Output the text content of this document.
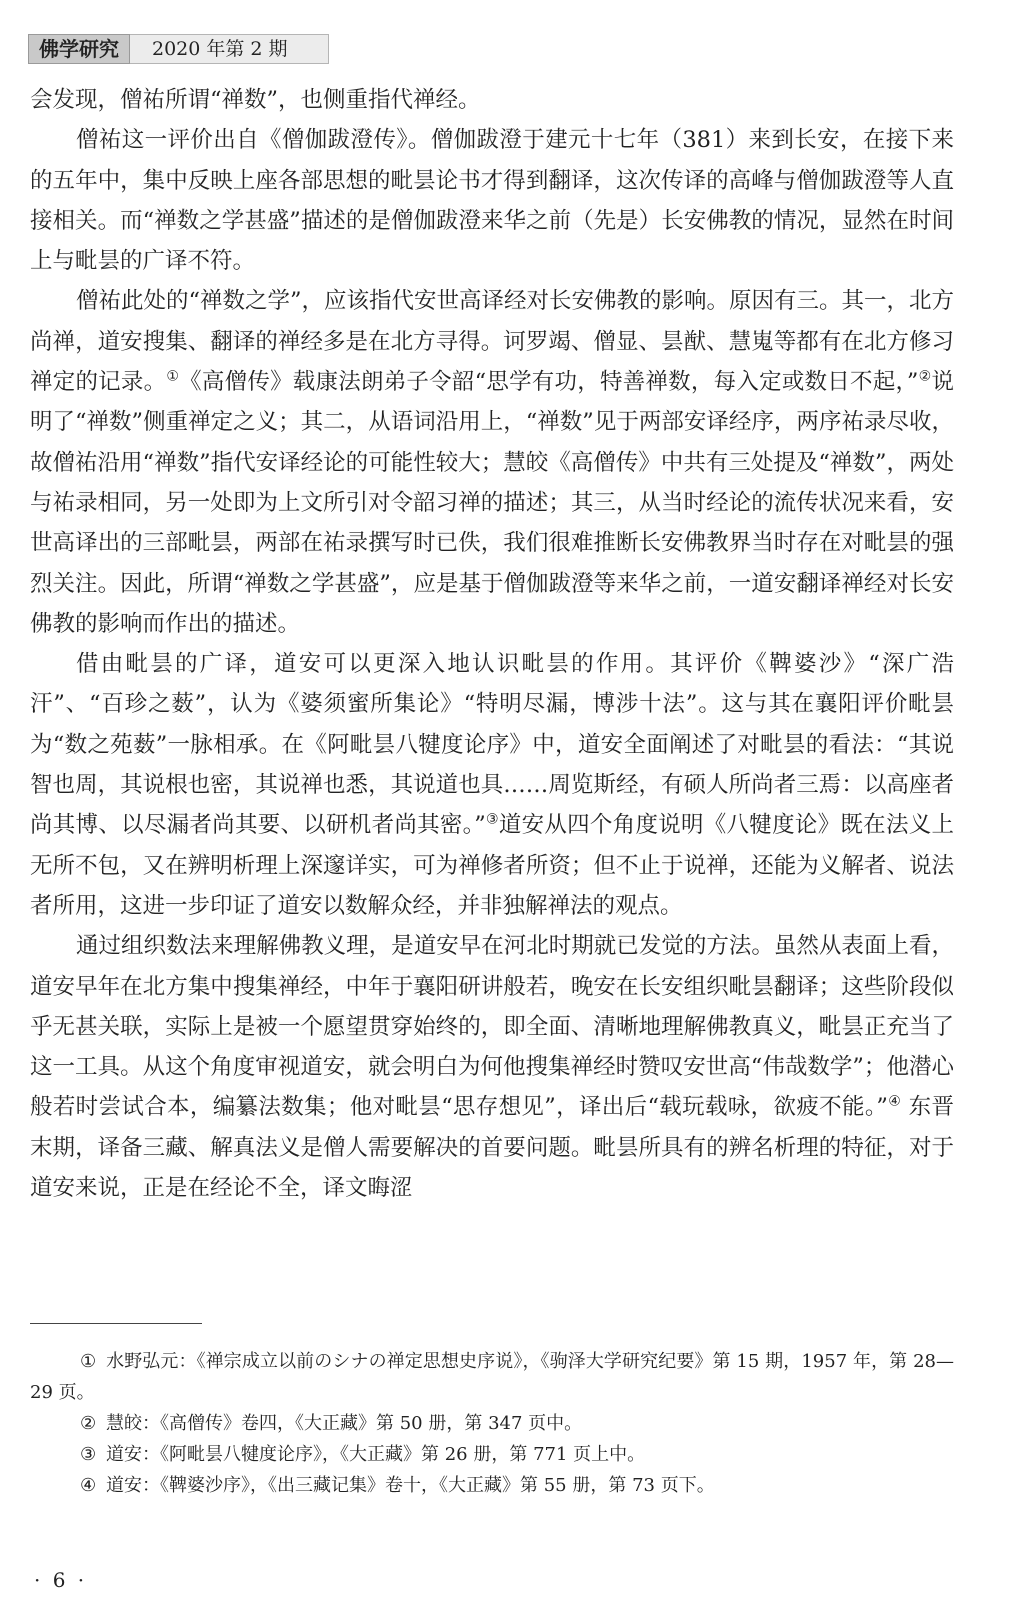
佛学研究	2020 年第 2 期

会发现，僧祐所谓“禅数”，也侧重指代禅经。

僧祐这一评价出自《僧伽跋澄传》。僧伽跋澄于建元十七年（381）来到长安，在接下来的五年中，集中反映上座各部思想的毗昙论书才得到翻译，这次传译的高峰与僧伽跋澄等人直接相关。而“禅数之学甚盛”描述的是僧伽跋澄来华之前（先是）长安佛教的情况，显然在时间上与毗昙的广译不符。

僧祐此处的“禅数之学”，应该指代安世高译经对长安佛教的影响。原因有三。其一，北方尚禅，道安搜集、翻译的禅经多是在北方寻得。诃罗竭、僧显、昙猷、慧嵬等都有在北方修习禅定的记录。①《高僧传》载康法朗弟子令韶“思学有功，特善禅数，每入定或数日不起，”②说明了“禅数”侧重禅定之义；其二，从语词沿用上，“禅数”见于两部安译经序，两序祐录尽收，故僧祐沿用“禅数”指代安译经论的可能性较大；慧皎《高僧传》中共有三处提及“禅数”，两处与祐录相同，另一处即为上文所引对令韶习禅的描述；其三，从当时经论的流传状况来看，安世高译出的三部毗昙，两部在祐录撰写时已佚，我们很难推断长安佛教界当时存在对毗昙的强烈关注。因此，所谓“禅数之学甚盛”，应是基于僧伽跋澄等来华之前，一道安翻译禅经对长安佛教的影响而作出的描述。

借由毗昙的广译，道安可以更深入地认识毗昙的作用。其评价《鞞婆沙》“深广浩汗”、“百珍之薮”，认为《婆须蜜所集论》“特明尽漏，博涉十法”。这与其在襄阳评价毗昙为“数之苑薮”一脉相承。在《阿毗昙八犍度论序》中，道安全面阐述了对毗昙的看法：“其说智也周，其说根也密，其说禅也悉，其说道也具……周览斯经，有硕人所尚者三焉：以高座者尚其博、以尽漏者尚其要、以研机者尚其密。”③道安从四个角度说明《八犍度论》既在法义上无所不包，又在辨明析理上深邃详实，可为禅修者所资；但不止于说禅，还能为义解者、说法者所用，这进一步印证了道安以数解众经，并非独解禅法的观点。

通过组织数法来理解佛教义理，是道安早在河北时期就已发觉的方法。虽然从表面上看，道安早年在北方集中搜集禅经，中年于襄阳研讲般若，晚安在长安组织毗昙翻译；这些阶段似乎无甚关联，实际上是被一个愿望贯穿始终的，即全面、清晰地理解佛教真义，毗昙正充当了这一工具。从这个角度审视道安，就会明白为何他搜集禅经时赞叹安世高“伟哉数学”；他潜心般若时尝试合本，编纂法数集；他对毗昙“思存想见”，译出后“载玩载咏，欲疲不能。”④ 东晋末期，译备三藏、解真法义是僧人需要解决的首要问题。毗昙所具有的辨名析理的特征，对于道安来说，正是在经论不全，译文晦涩

① 水野弘元：《禅宗成立以前のシナの禅定思想史序说》，《驹泽大学研究纪要》第 15 期，1957 年，第 28—29 页。
② 慧皎：《高僧传》卷四，《大正藏》第 50 册，第 347 页中。
③ 道安：《阿毗昙八犍度论序》，《大正藏》第 26 册，第 771 页上中。
④ 道安：《鞞婆沙序》，《出三藏记集》卷十，《大正藏》第 55 册，第 73 页下。
· 6 ·
